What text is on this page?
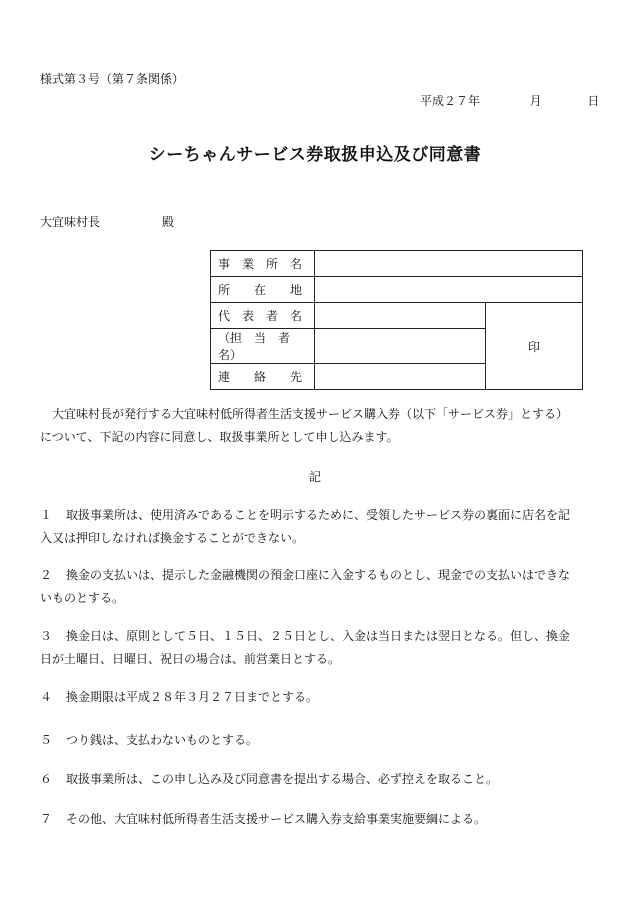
様式第３号（第７条関係）
平成２７年	月	日
シーちゃんサービス券取扱申込及び同意書
大宜味村長	殿
事　業　所　名		
所　　在　　地		
代　表　者　名		印
（担　当　者　名）		
連　　絡　　先		
大宜味村長が発行する大宜味村低所得者生活支援サービス購入券（以下「サービス券」とする）
について、下記の内容に同意し、取扱事業所として申し込みます。
記
１ 取扱事業所は、使用済みであることを明示するために、受領したサービス券の裏面に店名を記
入又は押印しなければ換金することができない。
２ 換金の支払いは、提示した金融機関の預金口座に入金するものとし、現金での支払いはできな
いものとする。
３ 換金日は、原則として５日、１５日、２５日とし、入金は当日または翌日となる。但し、換金
日が土曜日、日曜日、祝日の場合は、前営業日とする。
４ 換金期限は平成２８年３月２７日までとする。
５ つり銭は、支払わないものとする。
６ 取扱事業所は、この申し込み及び同意書を提出する場合、必ず控えを取ること。
７ その他、大宜味村低所得者生活支援サービス購入券支給事業実施要綱による。
